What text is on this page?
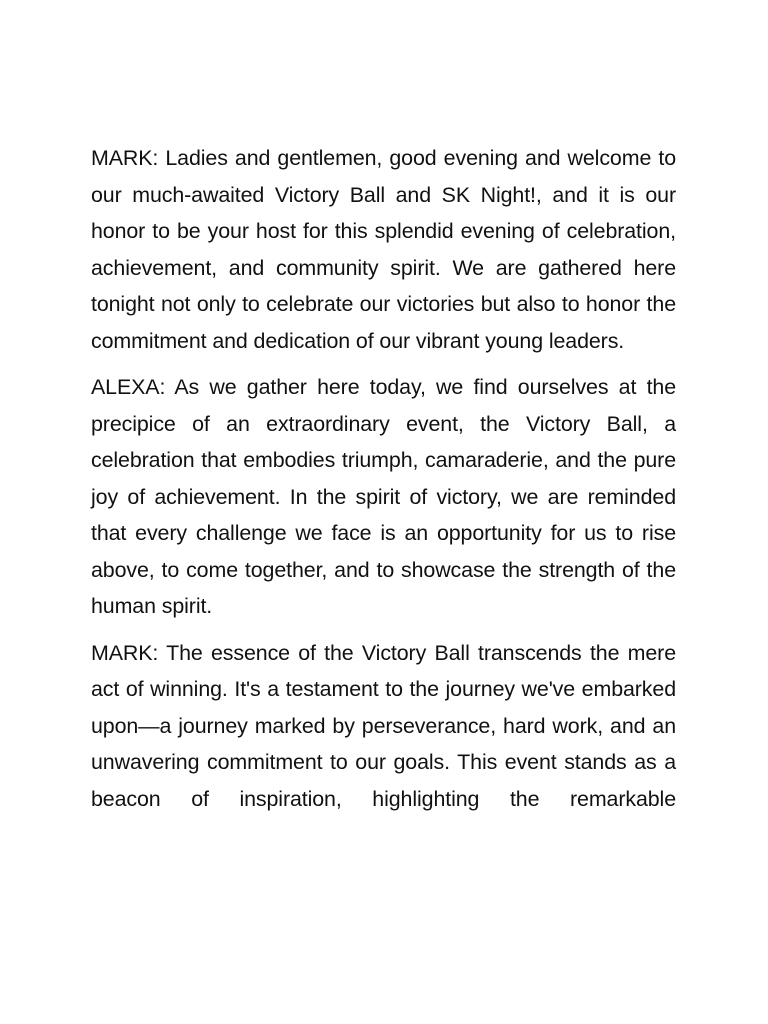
MARK: Ladies and gentlemen, good evening and welcome to our much-awaited Victory Ball and SK Night!, and it is our honor to be your host for this splendid evening of celebration, achievement, and community spirit. We are gathered here tonight not only to celebrate our victories but also to honor the commitment and dedication of our vibrant young leaders.

ALEXA: As we gather here today, we find ourselves at the precipice of an extraordinary event, the Victory Ball, a celebration that embodies triumph, camaraderie, and the pure joy of achievement. In the spirit of victory, we are reminded that every challenge we face is an opportunity for us to rise above, to come together, and to showcase the strength of the human spirit.

MARK: The essence of the Victory Ball transcends the mere act of winning. It's a testament to the journey we've embarked upon—a journey marked by perseverance, hard work, and an unwavering commitment to our goals. This event stands as a beacon of inspiration, highlighting the remarkable
